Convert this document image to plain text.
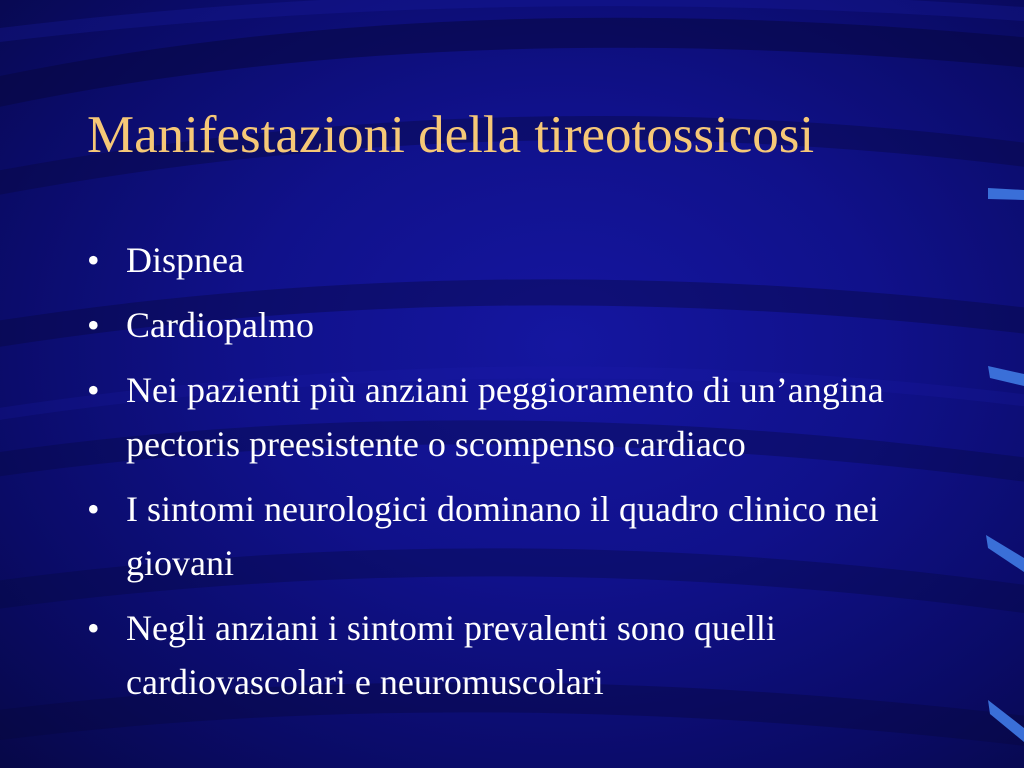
Manifestazioni della tireotossicosi
• Dispnea
• Cardiopalmo
• Nei pazienti più anziani peggioramento di un’angina pectoris preesistente o scompenso cardiaco
• I sintomi neurologici dominano il quadro clinico nei giovani
• Negli anziani i sintomi prevalenti sono quelli cardiovascolari e neuromuscolari
